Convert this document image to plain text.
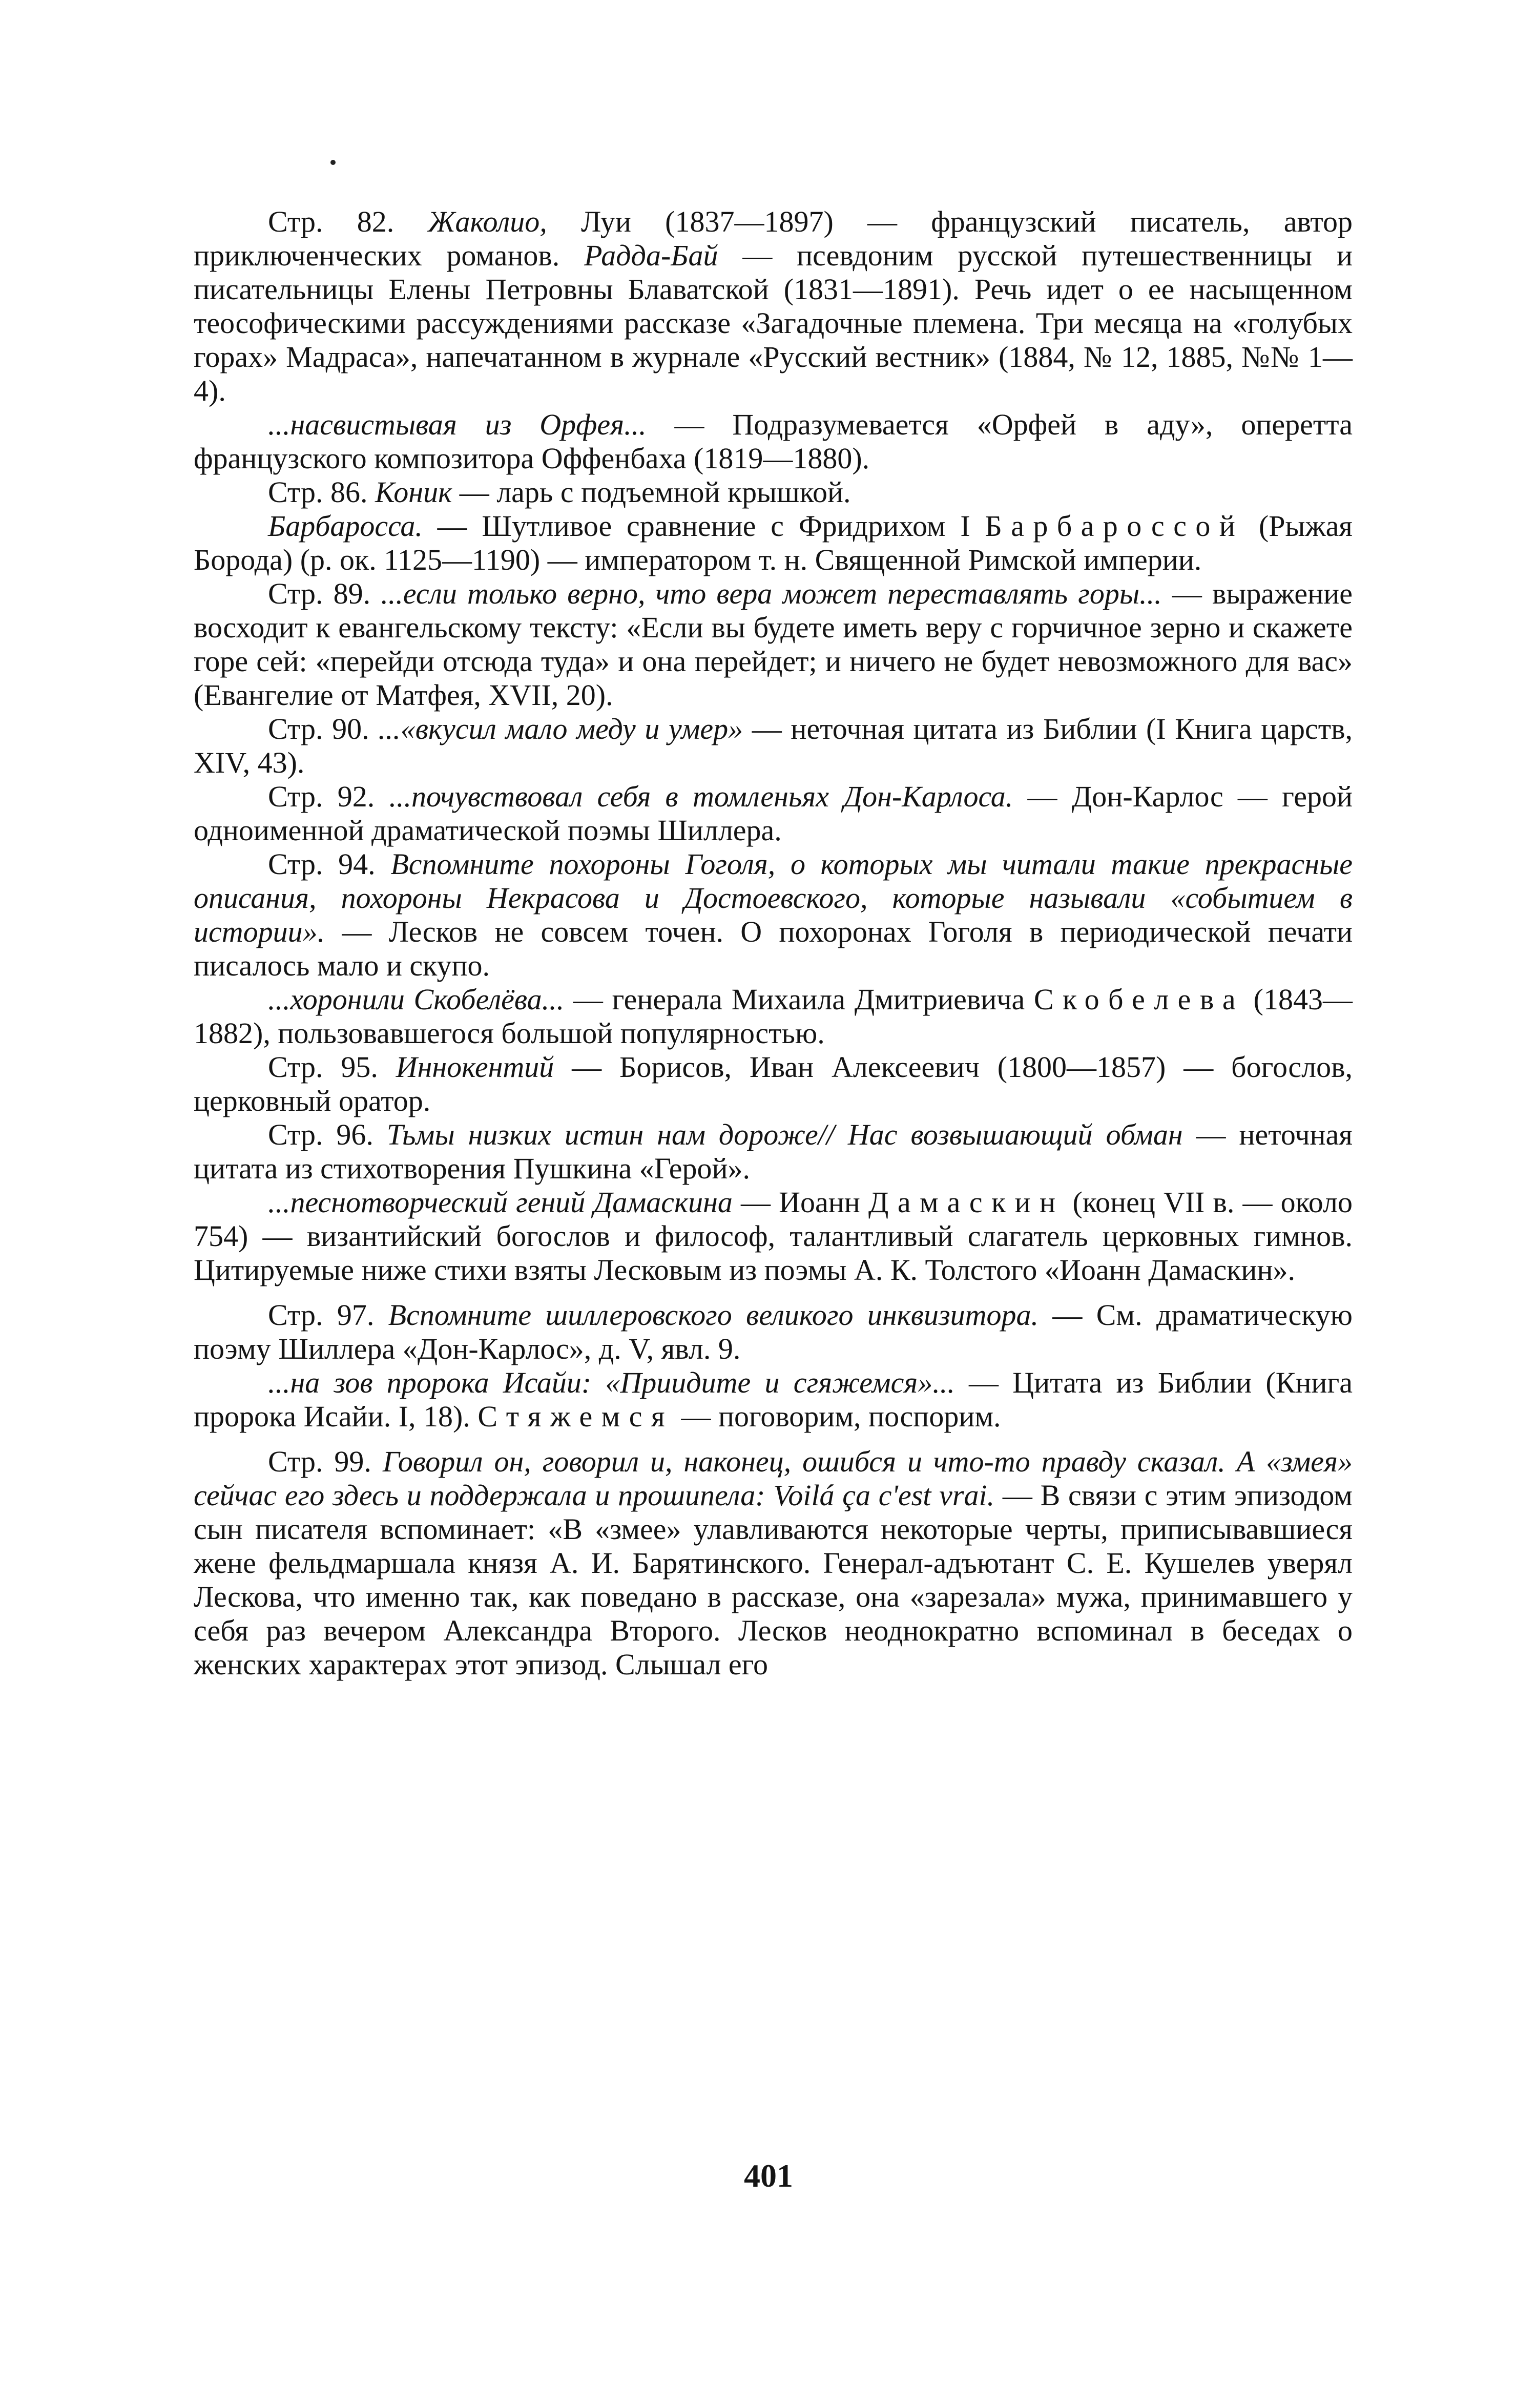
Стр. 82. Жаколио, Луи (1837—1897) — французский писатель, автор приключенческих романов. Радда-Бай — псевдоним русской путешественницы и писательницы Елены Петровны Блаватской (1831—1891). Речь идет о ее насыщенном теософическими рассуждениями рассказе «Загадочные племена. Три месяца на «голубых горах» Мадраса», напечатанном в журнале «Русский вестник» (1884, № 12, 1885, №№ 1—4).

...насвистывая из Орфея... — Подразумевается «Орфей в аду», оперетта французского композитора Оффенбаха (1819—1880).

Стр. 86. Коник — ларь с подъемной крышкой.

Барбаросса. — Шутливое сравнение с Фридрихом I Барбароссой (Рыжая Борода) (р. ок. 1125—1190) — императором т. н. Священной Римской империи.

Стр. 89. ...если только верно, что вера может переставлять горы... — выражение восходит к евангельскому тексту: «Если вы будете иметь веру с горчичное зерно и скажете горе сей: «перейди отсюда туда» и она перейдет; и ничего не будет невозможного для вас» (Евангелие от Матфея, XVII, 20).

Стр. 90. ...«вкусил мало меду и умер» — неточная цитата из Библии (I Книга царств, XIV, 43).

Стр. 92. ...почувствовал себя в томленьях Дон-Карлоса. — Дон-Карлос — герой одноименной драматической поэмы Шиллера.

Стр. 94. Вспомните похороны Гоголя, о которых мы читали такие прекрасные описания, похороны Некрасова и Достоевского, которые называли «событием в истории». — Лесков не совсем точен. О похоронах Гоголя в периодической печати писалось мало и скупо.

...хоронили Скобелёва... — генерала Михаила Дмитриевича Скобелева (1843—1882), пользовавшегося большой популярностью.

Стр. 95. Иннокентий — Борисов, Иван Алексеевич (1800—1857) — богослов, церковный оратор.

Стр. 96. Тьмы низких истин нам дороже// Нас возвышающий обман — неточная цитата из стихотворения Пушкина «Герой».

...песнотворческий гений Дамаскина — Иоанн Дамаскин (конец VII в. — около 754) — византийский богослов и философ, талантливый слагатель церковных гимнов. Цитируемые ниже стихи взяты Лесковым из поэмы А. К. Толстого «Иоанн Дамаскин».

Стр. 97. Вспомните шиллеровского великого инквизитора. — См. драматическую поэму Шиллера «Дон-Карлос», д. V, явл. 9.

...на зов пророка Исайи: «Приидите и сгяжемся»... — Цитата из Библии (Книга пророка Исайи. I, 18). Стяжемся — поговорим, поспорим.

Стр. 99. Говорил он, говорил и, наконец, ошибся и что-то правду сказал. А «змея» сейчас его здесь и поддержала и прошипела: Voilá ça c'est vrai. — В связи с этим эпизодом сын писателя вспоминает: «В «змее» улавливаются некоторые черты, приписывавшиеся жене фельдмаршала князя А. И. Барятинского. Генерал-адъютант С. Е. Кушелев уверял Лескова, что именно так, как поведано в рассказе, она «зарезала» мужа, принимавшего у себя раз вечером Александра Второго. Лесков неоднократно вспоминал в беседах о женских характерах этот эпизод. Слышал его

401
